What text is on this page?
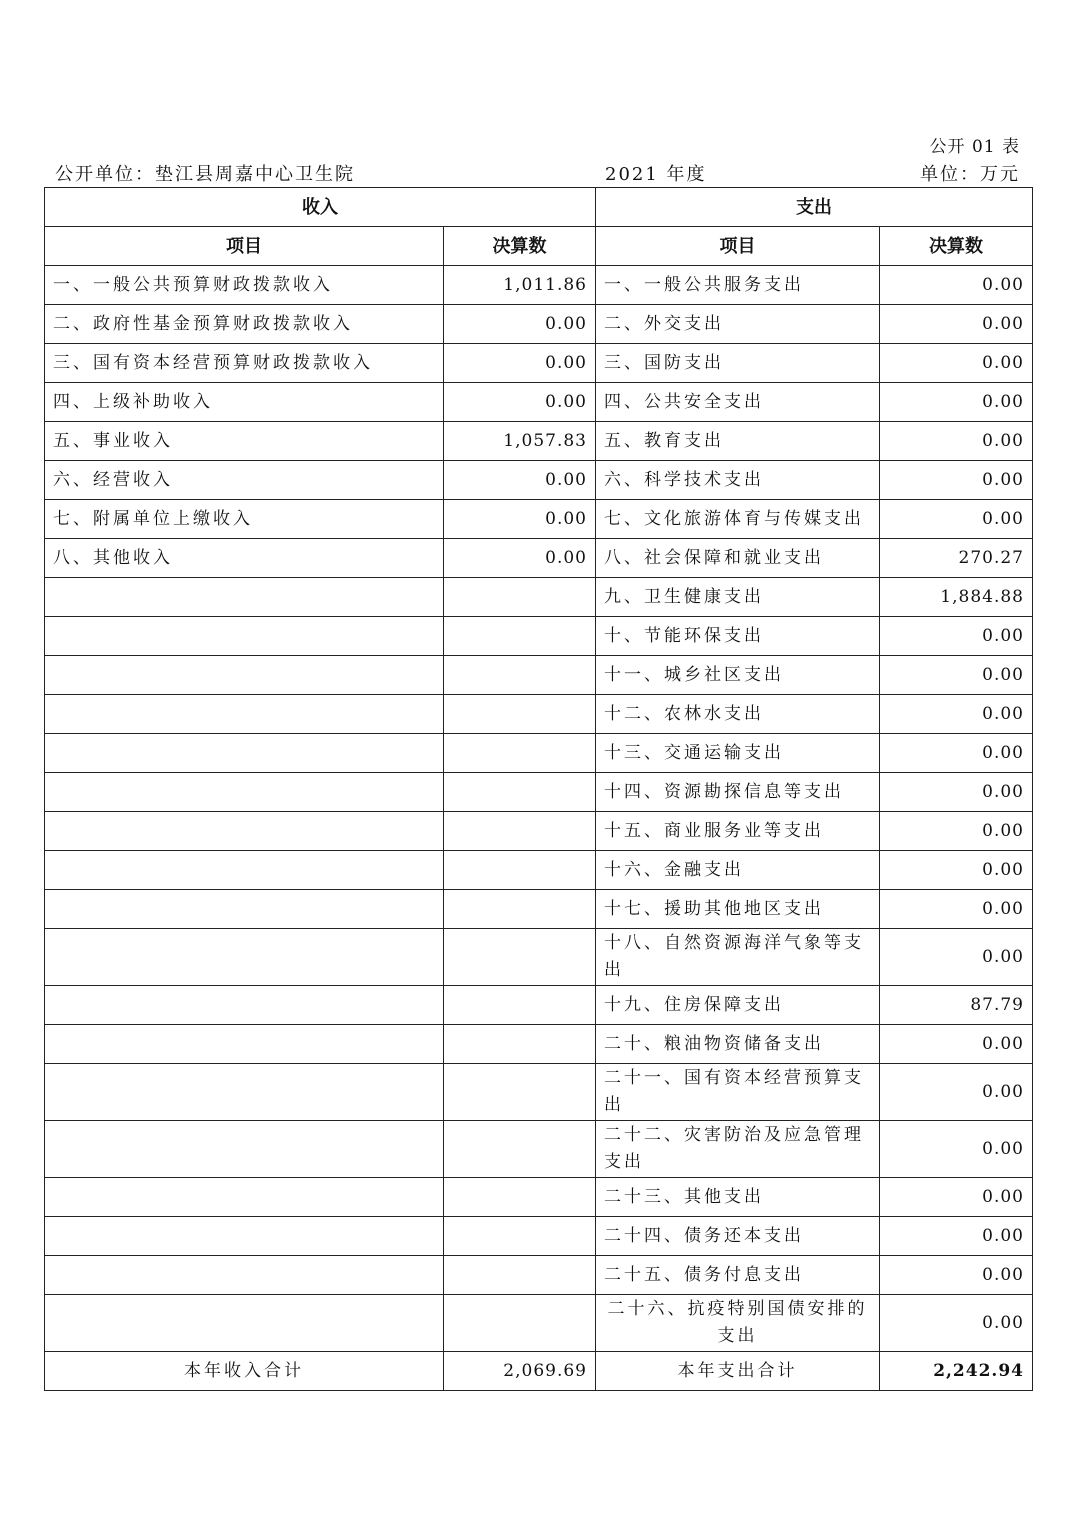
公开 01 表
公开单位：垫江县周嘉中心卫生院	2021 年度	单位：万元
收入		支出	
项目	决算数	项目	决算数
一、一般公共预算财政拨款收入	1,011.86	一、一般公共服务支出	0.00
二、政府性基金预算财政拨款收入	0.00	二、外交支出	0.00
三、国有资本经营预算财政拨款收入	0.00	三、国防支出	0.00
四、上级补助收入	0.00	四、公共安全支出	0.00
五、事业收入	1,057.83	五、教育支出	0.00
六、经营收入	0.00	六、科学技术支出	0.00
七、附属单位上缴收入	0.00	七、文化旅游体育与传媒支出	0.00
八、其他收入	0.00	八、社会保障和就业支出	270.27
		九、卫生健康支出	1,884.88
		十、节能环保支出	0.00
		十一、城乡社区支出	0.00
		十二、农林水支出	0.00
		十三、交通运输支出	0.00
		十四、资源勘探信息等支出	0.00
		十五、商业服务业等支出	0.00
		十六、金融支出	0.00
		十七、援助其他地区支出	0.00
		十八、自然资源海洋气象等支出	0.00
		十九、住房保障支出	87.79
		二十、粮油物资储备支出	0.00
		二十一、国有资本经营预算支出	0.00
		二十二、灾害防治及应急管理支出	0.00
		二十三、其他支出	0.00
		二十四、债务还本支出	0.00
		二十五、债务付息支出	0.00
		二十六、抗疫特别国债安排的支出	0.00
本年收入合计	2,069.69	本年支出合计	2,242.94
